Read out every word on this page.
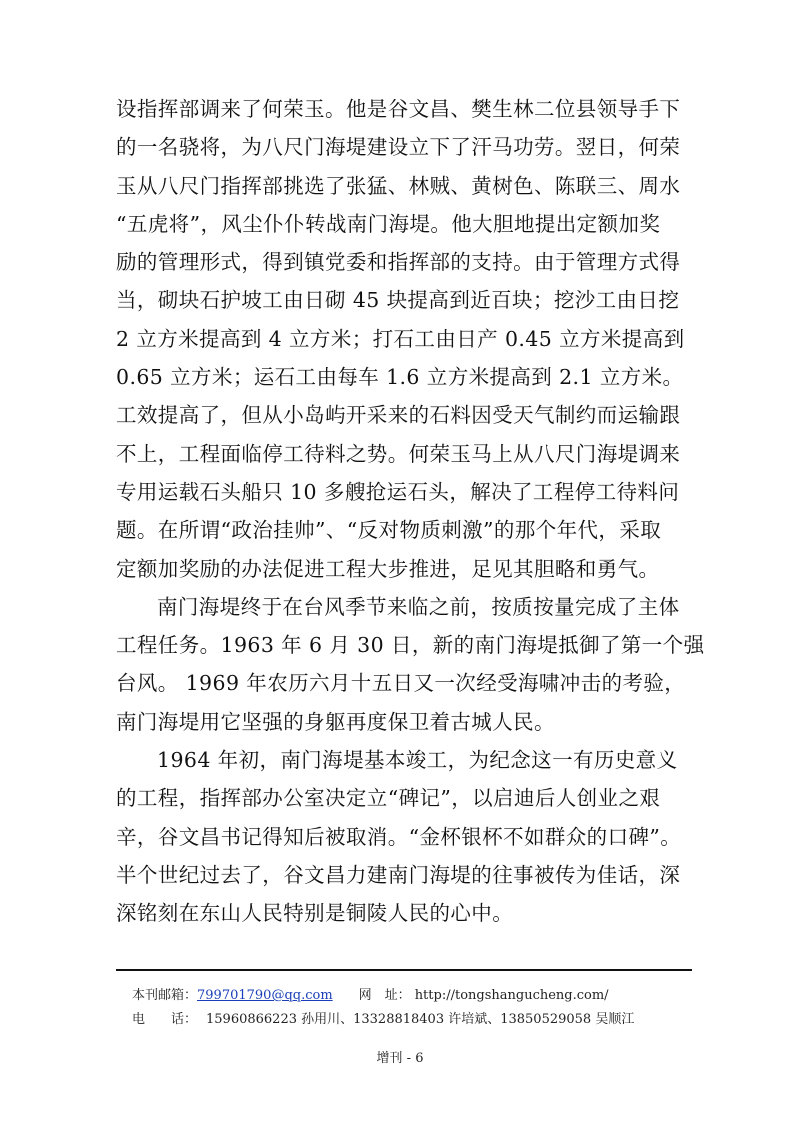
设指挥部调来了何荣玉。他是谷文昌、樊生林二位县领导手下
的一名骁将，为八尺门海堤建设立下了汗马功劳。翌日，何荣
玉从八尺门指挥部挑选了张猛、林贼、黄树色、陈联三、周水
“五虎将”，风尘仆仆转战南门海堤。他大胆地提出定额加奖
励的管理形式，得到镇党委和指挥部的支持。由于管理方式得
当，砌块石护坡工由日砌 45 块提高到近百块；挖沙工由日挖
2 立方米提高到 4 立方米；打石工由日产 0.45 立方米提高到
0.65 立方米；运石工由每车 1.6 立方米提高到 2.1 立方米。
工效提高了，但从小岛屿开采来的石料因受天气制约而运输跟
不上，工程面临停工待料之势。何荣玉马上从八尺门海堤调来
专用运载石头船只 10 多艘抢运石头，解决了工程停工待料问
题。在所谓“政治挂帅”、“反对物质刺激”的那个年代，采取
定额加奖励的办法促进工程大步推进，足见其胆略和勇气。
南门海堤终于在台风季节来临之前，按质按量完成了主体
工程任务。1963 年 6 月 30 日，新的南门海堤抵御了第一个强
台风。 1969 年农历六月十五日又一次经受海啸冲击的考验，
南门海堤用它坚强的身躯再度保卫着古城人民。
1964 年初，南门海堤基本竣工，为纪念这一有历史意义
的工程，指挥部办公室决定立“碑记”，以启迪后人创业之艰
辛，谷文昌书记得知后被取消。“金杯银杯不如群众的口碑”。
半个世纪过去了，谷文昌力建南门海堤的往事被传为佳话，深
深铭刻在东山人民特别是铜陵人民的心中。
本刊邮箱：799701790@qq.com 网　址： http://tongshangucheng.com/
电　　话： 15960866223 孙用川、13328818403 许培斌、13850529058 吴顺江
增刊 - 6
